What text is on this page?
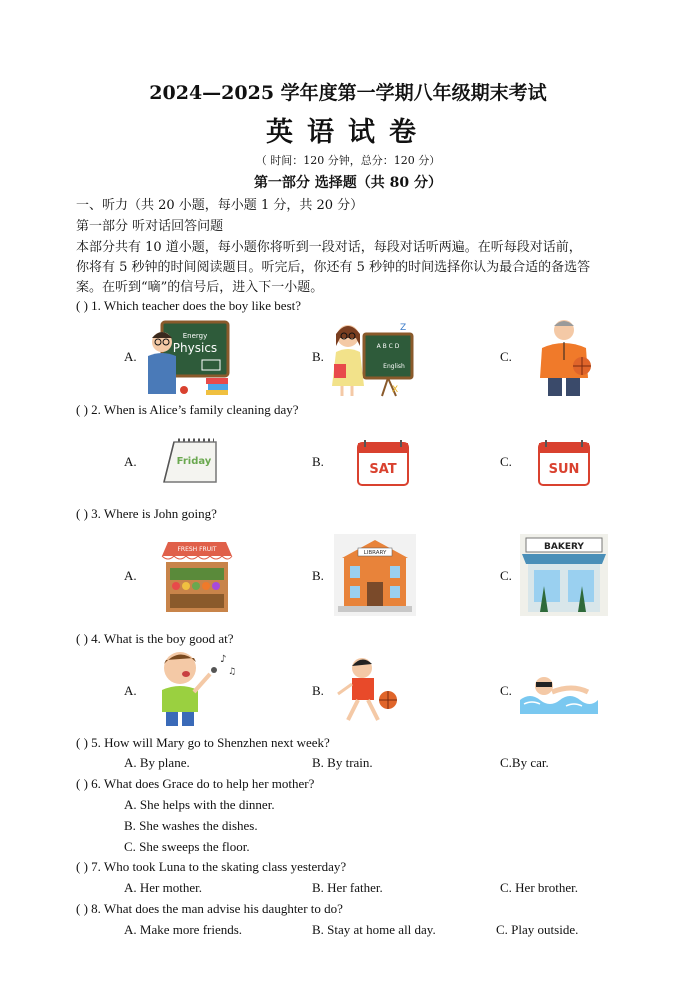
2024—2025 学年度第一学期八年级期末考试
英语试卷
（ 时间：120 分钟，总分：120 分）
第一部分 选择题（共 80 分）
一、听力（共 20 小题，每小题 1 分，共 20 分）
第一部分 听对话回答问题
本部分共有 10 道小题，每小题你将听到一段对话，每段对话听两遍。在听每段对话前，
你将有 5 秒钟的时间阅读题目。听完后，你还有 5 秒钟的时间选择你认为最合适的备选答
案。在听到“嘀”的信号后，进入下一小题。
( ) 1. Which teacher does the boy like best?
A.	B.	C.
Energy
Physics	A B C D
English
Z
X
( ) 2. When is Alice’s family cleaning day?
A.	B.	C.
Friday
SAT	SUN
( ) 3. Where is John going?
A.	B.	C.
FRESH FRUIT	LIBRARY
BAKERY
( ) 4. What is the boy good at?
A.	B.	C.
♪
♫
( ) 5. How will Mary go to Shenzhen next week?
A. By plane.	B. By train.	C.By car.
( ) 6. What does Grace do to help her mother?
A. She helps with the dinner.
B. She washes the dishes.
C. She sweeps the floor.
( ) 7. Who took Luna to the skating class yesterday?
A. Her mother.	B. Her father.	C. Her brother.
( ) 8. What does the man advise his daughter to do?
A. Make more friends.	B. Stay at home all day.	C. Play outside.
